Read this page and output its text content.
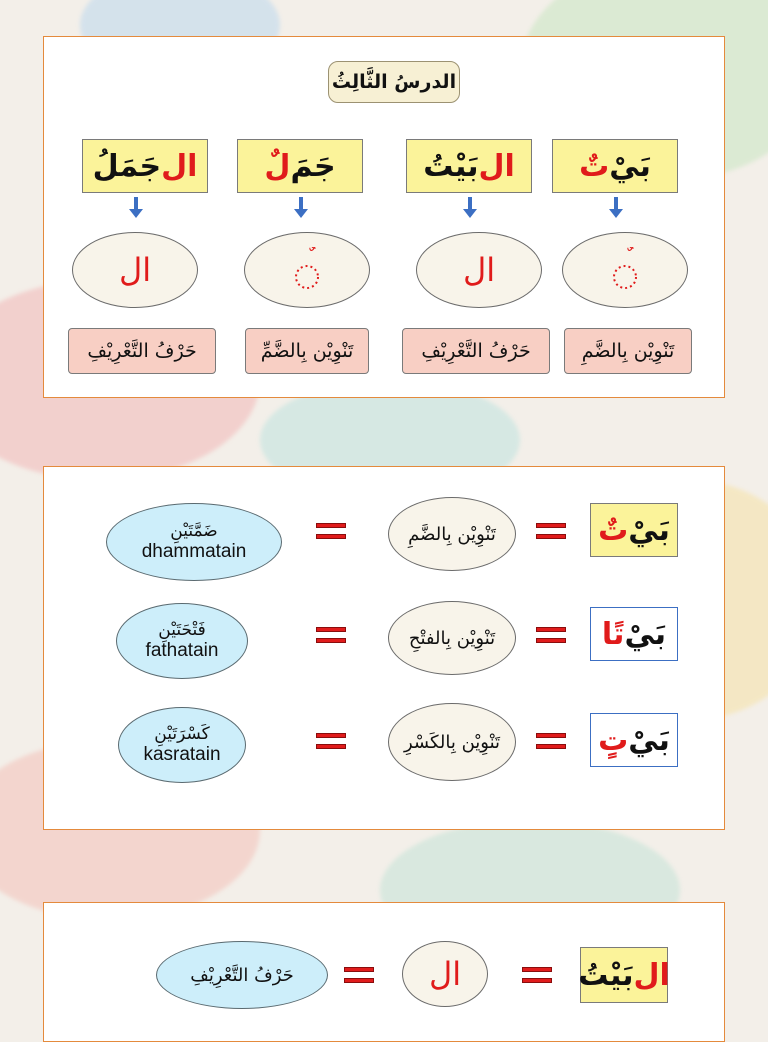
الدرسُ الثَّالِثُ
بَيْ
تٌ
ال
بَيْتُ
جَمَ
لٌ
ال
جَمَلُ
ال
ال
تَنْوِيْن بِالضَّمِ
حَرْفُ التَّعْرِيْفِ
تَنْوِيْن بِالضَّمِّ
حَرْفُ التَّعْرِيْفِ
بَيْ
تٌ
تَنْوِيْن بِالضَّمِ
ضَمَّتَيْنِ
dhammatain
بَيْ
تًا
تَنْوِيْن بِالفتْحِ
فَتْحَتَيْنِ
fathatain
بَيْ
تٍ
تَنْوِيْن بِالكَسْرِ
كَسْرَتَيْنِ
kasratain
ال
بَيْتُ
ال
حَرْفُ التَّعْرِيْفِ
